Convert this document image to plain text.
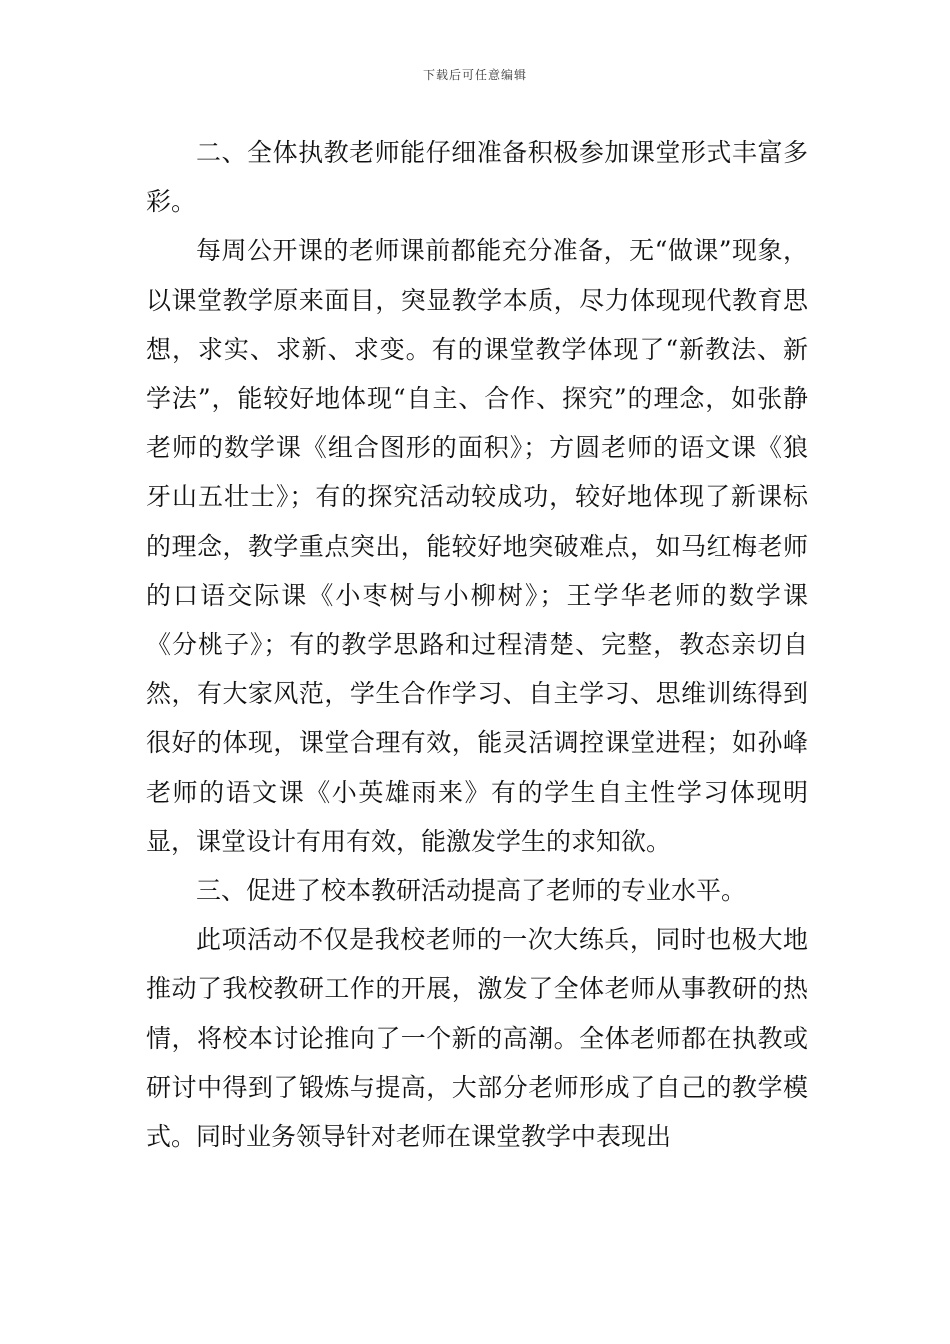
下载后可任意编辑

二、全体执教老师能仔细准备积极参加课堂形式丰富多彩。

每周公开课的老师课前都能充分准备，无“做课”现象，以课堂教学原来面目，突显教学本质，尽力体现现代教育思想，求实、求新、求变。有的课堂教学体现了“新教法、新学法”，能较好地体现“自主、合作、探究”的理念，如张静老师的数学课《组合图形的面积》；方圆老师的语文课《狼牙山五壮士》；有的探究活动较成功，较好地体现了新课标的理念，教学重点突出，能较好地突破难点，如马红梅老师的口语交际课《小枣树与小柳树》；王学华老师的数学课《分桃子》；有的教学思路和过程清楚、完整，教态亲切自然，有大家风范，学生合作学习、自主学习、思维训练得到很好的体现，课堂合理有效，能灵活调控课堂进程；如孙峰老师的语文课《小英雄雨来》有的学生自主性学习体现明显，课堂设计有用有效，能激发学生的求知欲。

三、促进了校本教研活动提高了老师的专业水平。

此项活动不仅是我校老师的一次大练兵，同时也极大地推动了我校教研工作的开展，激发了全体老师从事教研的热情，将校本讨论推向了一个新的高潮。全体老师都在执教或研讨中得到了锻炼与提高，大部分老师形成了自己的教学模式。同时业务领导针对老师在课堂教学中表现出
